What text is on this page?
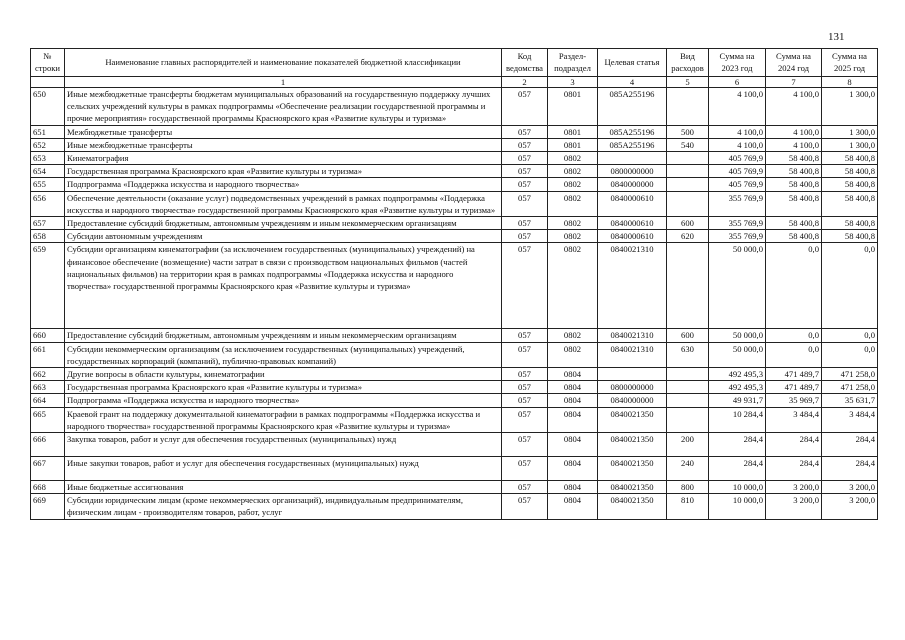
131
№ строки	Наименование главных распорядителей и наименование показателей бюджетной классификации	Код ведомства	Раздел-подраздел	Целевая статья	Вид расходов	Сумма на 2023 год	Сумма на 2024 год	Сумма на 2025 год
	1	2	3	4	5	6	7	8
650	Иные межбюджетные трансферты бюджетам муниципальных образований на государственную поддержку лучших сельских учреждений культуры в рамках подпрограммы «Обеспечение реализации государственной программы и прочие мероприятия» государственной программы Красноярского края «Развитие культуры и туризма»	057	0801	085А255196		4 100,0	4 100,0	1 300,0
651	Межбюджетные трансферты	057	0801	085А255196	500	4 100,0	4 100,0	1 300,0
652	Иные межбюджетные трансферты	057	0801	085А255196	540	4 100,0	4 100,0	1 300,0
653	Кинематография	057	0802			405 769,9	58 400,8	58 400,8
654	Государственная программа Красноярского края «Развитие культуры и туризма»	057	0802	0800000000		405 769,9	58 400,8	58 400,8
655	Подпрограмма «Поддержка искусства и народного творчества»	057	0802	0840000000		405 769,9	58 400,8	58 400,8
656	Обеспечение деятельности (оказание услуг) подведомственных учреждений в рамках подпрограммы «Поддержка искусства и народного творчества» государственной программы Красноярского края «Развитие культуры и туризма»	057	0802	0840000610		355 769,9	58 400,8	58 400,8
657	Предоставление субсидий бюджетным, автономным учреждениям и иным некоммерческим организациям	057	0802	0840000610	600	355 769,9	58 400,8	58 400,8
658	Субсидии автономным учреждениям	057	0802	0840000610	620	355 769,9	58 400,8	58 400,8
659	Субсидии организациям кинематографии (за исключением государственных (муниципальных) учреждений) на финансовое обеспечение (возмещение) части затрат в связи с производством национальных фильмов (частей национальных фильмов) на территории края в рамках подпрограммы «Поддержка искусства и народного творчества» государственной программы Красноярского края «Развитие культуры и туризма»	057	0802	0840021310		50 000,0	0,0	0,0
660	Предоставление субсидий бюджетным, автономным учреждениям и иным некоммерческим организациям	057	0802	0840021310	600	50 000,0	0,0	0,0
661	Субсидии некоммерческим организациям (за исключением государственных (муниципальных) учреждений, государственных корпораций (компаний), публично-правовых компаний)	057	0802	0840021310	630	50 000,0	0,0	0,0
662	Другие вопросы в области культуры, кинематографии	057	0804			492 495,3	471 489,7	471 258,0
663	Государственная программа Красноярского края «Развитие культуры и туризма»	057	0804	0800000000		492 495,3	471 489,7	471 258,0
664	Подпрограмма «Поддержка искусства и народного творчества»	057	0804	0840000000		49 931,7	35 969,7	35 631,7
665	Краевой грант на поддержку документальной кинематографии в рамках подпрограммы «Поддержка искусства и народного творчества» государственной программы Красноярского края «Развитие культуры и туризма»	057	0804	0840021350		10 284,4	3 484,4	3 484,4
666	Закупка товаров, работ и услуг для обеспечения государственных (муниципальных) нужд	057	0804	0840021350	200	284,4	284,4	284,4
667	Иные закупки товаров, работ и услуг для обеспечения государственных (муниципальных) нужд	057	0804	0840021350	240	284,4	284,4	284,4
668	Иные бюджетные ассигнования	057	0804	0840021350	800	10 000,0	3 200,0	3 200,0
669	Субсидии юридическим лицам (кроме некоммерческих организаций), индивидуальным предпринимателям, физическим лицам - производителям товаров, работ, услуг	057	0804	0840021350	810	10 000,0	3 200,0	3 200,0
